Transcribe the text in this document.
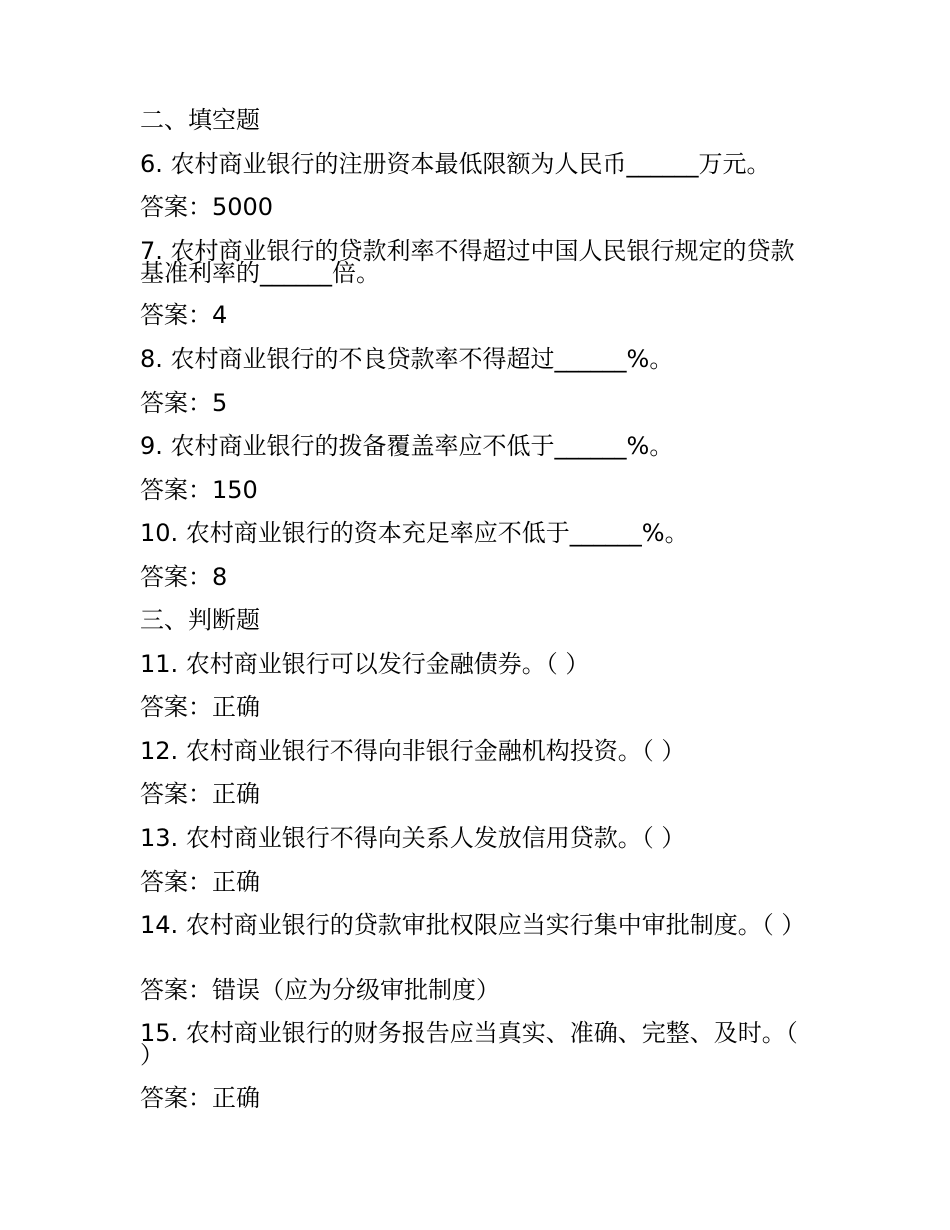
二、填空题
6. 农村商业银行的注册资本最低限额为人民币______万元。
答案：5000
7. 农村商业银行的贷款利率不得超过中国人民银行规定的贷款基准利率的______倍。
答案：4
8. 农村商业银行的不良贷款率不得超过______%。
答案：5
9. 农村商业银行的拨备覆盖率应不低于______%。
答案：150
10. 农村商业银行的资本充足率应不低于______%。
答案：8
三、判断题
11. 农村商业银行可以发行金融债券。（ ）
答案：正确
12. 农村商业银行不得向非银行金融机构投资。（ ）
答案：正确
13. 农村商业银行不得向关系人发放信用贷款。（ ）
答案：正确
14. 农村商业银行的贷款审批权限应当实行集中审批制度。（ ）
答案：错误（应为分级审批制度）
15. 农村商业银行的财务报告应当真实、准确、完整、及时。（ ）
答案：正确
